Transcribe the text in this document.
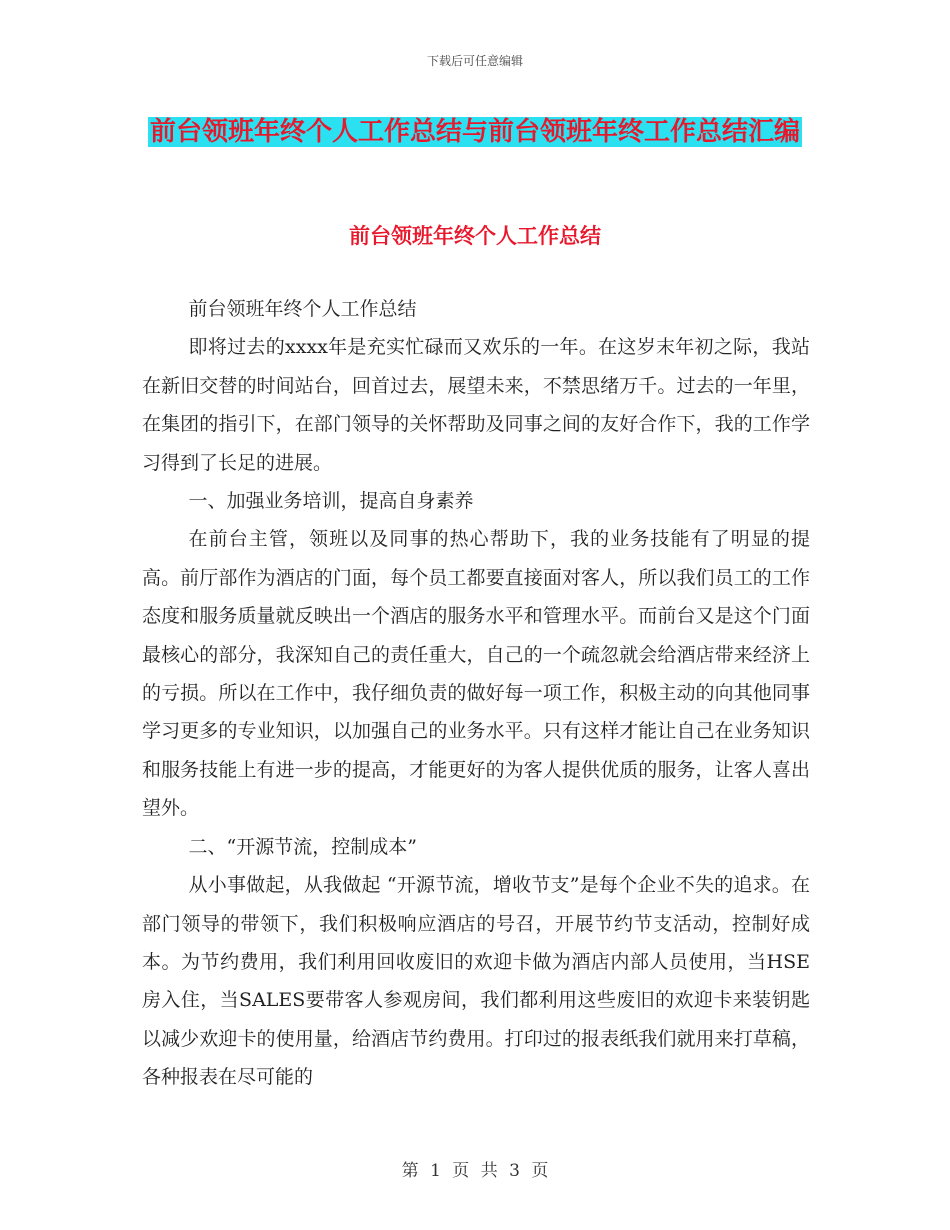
下载后可任意编辑
前台领班年终个人工作总结与前台领班年终工作总结汇编
前台领班年终个人工作总结

前台领班年终个人工作总结

即将过去的xxxx年是充实忙碌而又欢乐的一年。在这岁末年初之际，我站在新旧交替的时间站台，回首过去，展望未来，不禁思绪万千。过去的一年里，在集团的指引下，在部门领导的关怀帮助及同事之间的友好合作下，我的工作学习得到了长足的进展。

一、加强业务培训，提高自身素养

在前台主管，领班以及同事的热心帮助下，我的业务技能有了明显的提高。前厅部作为酒店的门面，每个员工都要直接面对客人，所以我们员工的工作态度和服务质量就反映出一个酒店的服务水平和管理水平。而前台又是这个门面最核心的部分，我深知自己的责任重大，自己的一个疏忽就会给酒店带来经济上的亏损。所以在工作中，我仔细负责的做好每一项工作，积极主动的向其他同事学习更多的专业知识，以加强自己的业务水平。只有这样才能让自己在业务知识和服务技能上有进一步的提高，才能更好的为客人提供优质的服务，让客人喜出望外。

二、“开源节流，控制成本”

从小事做起，从我做起 “开源节流，增收节支”是每个企业不失的追求。在部门领导的带领下，我们积极响应酒店的号召，开展节约节支活动，控制好成本。为节约费用，我们利用回收废旧的欢迎卡做为酒店内部人员使用，当HSE房入住，当SALES要带客人参观房间，我们都利用这些废旧的欢迎卡来装钥匙以减少欢迎卡的使用量，给酒店节约费用。打印过的报表纸我们就用来打草稿，各种报表在尽可能的

第 1 页 共 3 页
